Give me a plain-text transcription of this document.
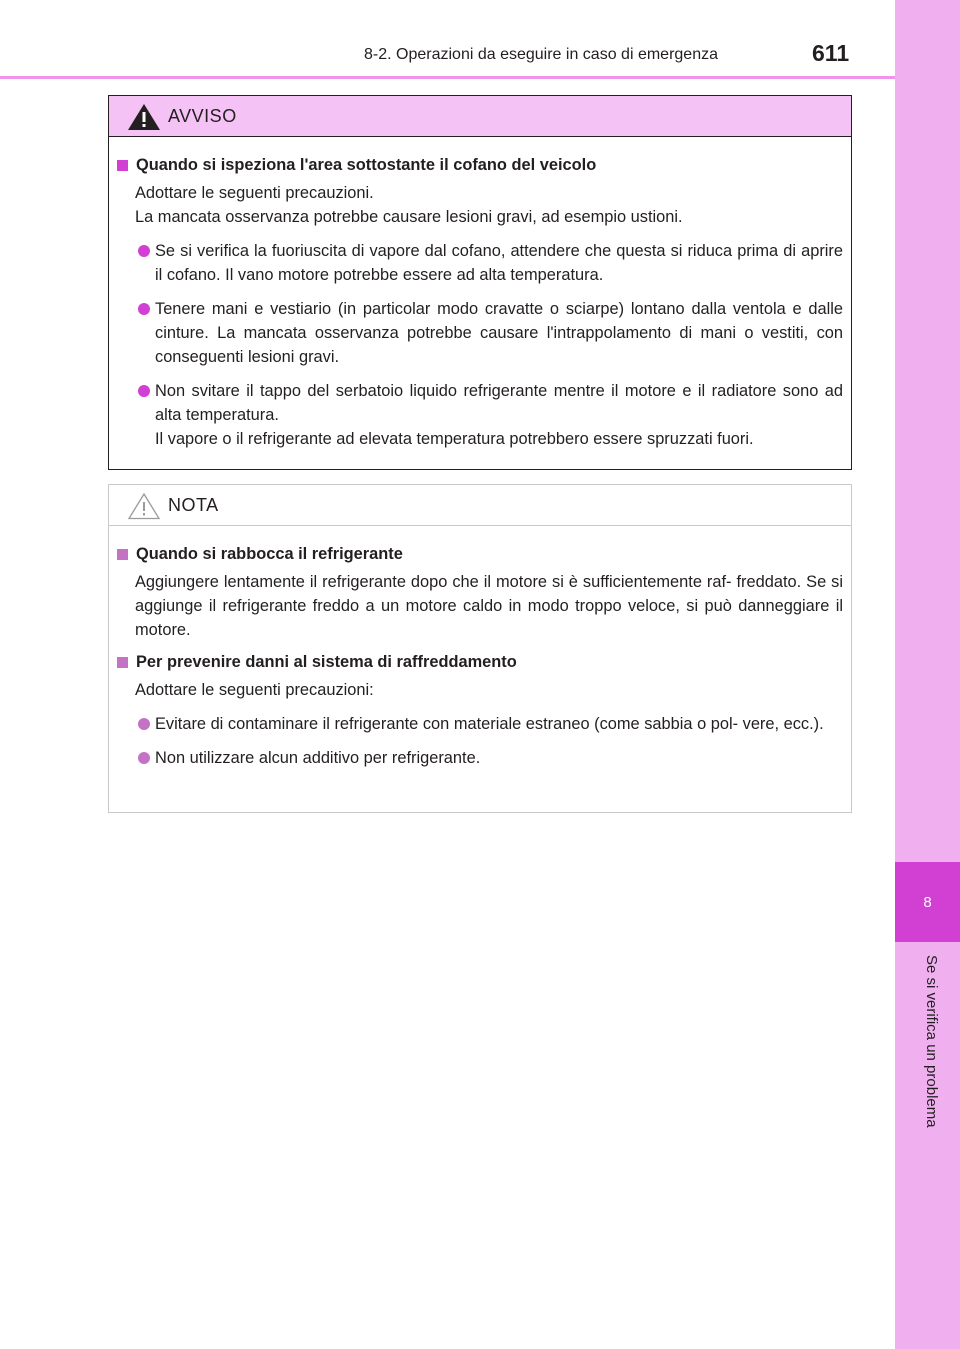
8
Se si verifica un problema
8-2. Operazioni da eseguire in caso di emergenza	611
AVVISO
Quando si ispeziona l'area sottostante il cofano del veicolo
Adottare le seguenti precauzioni.
La mancata osservanza potrebbe causare lesioni gravi, ad esempio ustioni.
Se si verifica la fuoriuscita di vapore dal cofano, attendere che questa si riduca prima di aprire il cofano. Il vano motore potrebbe essere ad alta temperatura.
Tenere mani e vestiario (in particolar modo cravatte o sciarpe) lontano dalla ventola e dalle cinture. La mancata osservanza potrebbe causare l'intrappolamento di mani o vestiti, con conseguenti lesioni gravi.
Non svitare il tappo del serbatoio liquido refrigerante mentre il motore e il radiatore sono ad alta temperatura.
Il vapore o il refrigerante ad elevata temperatura potrebbero essere spruzzati fuori.
NOTA
Quando si rabbocca il refrigerante
Aggiungere lentamente il refrigerante dopo che il motore si è sufficientemente raf- freddato. Se si aggiunge il refrigerante freddo a un motore caldo in modo troppo veloce, si può danneggiare il motore.
Per prevenire danni al sistema di raffreddamento
Adottare le seguenti precauzioni:
Evitare di contaminare il refrigerante con materiale estraneo (come sabbia o pol- vere, ecc.).
Non utilizzare alcun additivo per refrigerante.
